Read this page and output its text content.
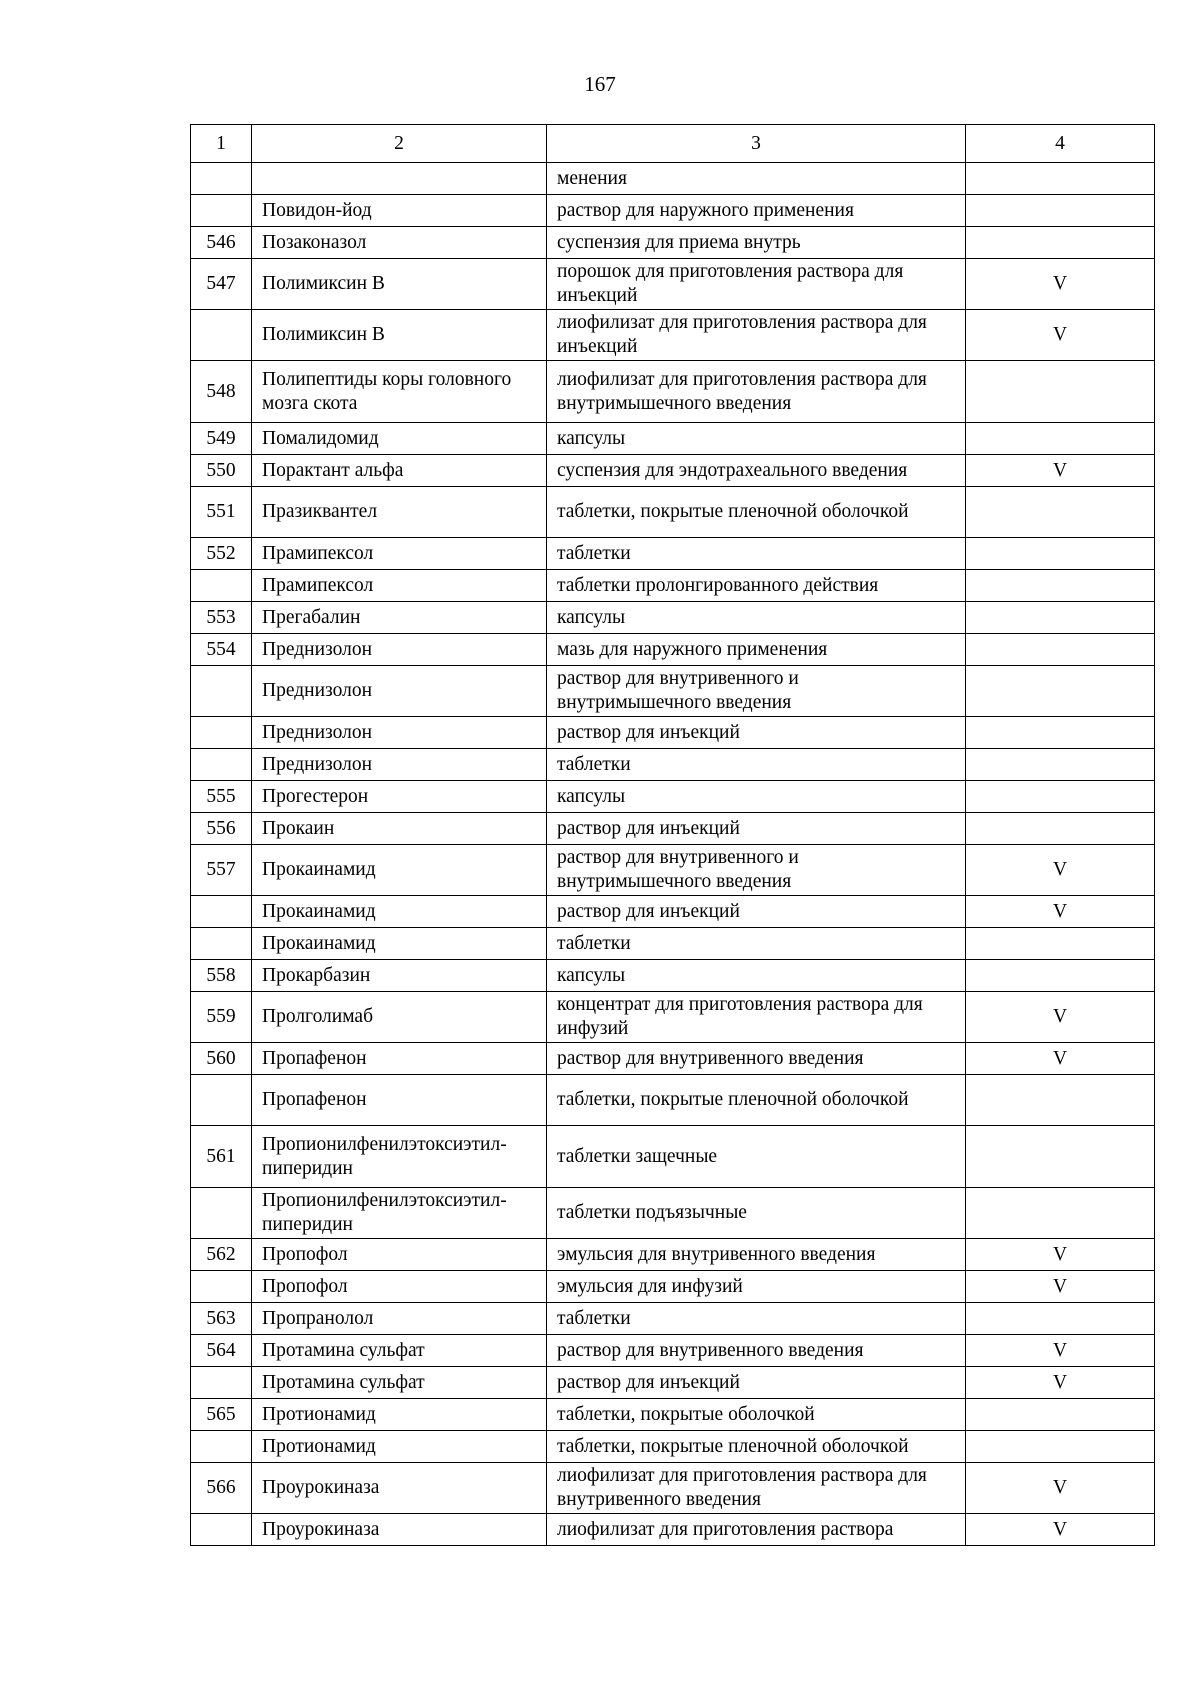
167
1	2	3	4
		менения	
	Повидон-йод	раствор для наружного применения	
546	Позаконазол	суспензия для приема внутрь	
547	Полимиксин В	порошок для приготовления раствора для инъекций	V
	Полимиксин В	лиофилизат для приготовления раствора для инъекций	V
548	Полипептиды коры головного мозга скота	лиофилизат для приготовления раствора для внутримышечного введения	
549	Помалидомид	капсулы	
550	Порактант альфа	суспензия для эндотрахеального введения	V
551	Празиквантел	таблетки, покрытые пленочной оболочкой	
552	Прамипексол	таблетки	
	Прамипексол	таблетки пролонгированного действия	
553	Прегабалин	капсулы	
554	Преднизолон	мазь для наружного применения	
	Преднизолон	раствор для внутривенного и внутримышечного введения	
	Преднизолон	раствор для инъекций	
	Преднизолон	таблетки	
555	Прогестерон	капсулы	
556	Прокаин	раствор для инъекций	
557	Прокаинамид	раствор для внутривенного и внутримышечного введения	V
	Прокаинамид	раствор для инъекций	V
	Прокаинамид	таблетки	
558	Прокарбазин	капсулы	
559	Пролголимаб	концентрат для приготовления раствора для инфузий	V
560	Пропафенон	раствор для внутривенного введения	V
	Пропафенон	таблетки, покрытые пленочной оболочкой	
561	Пропионилфенилэтоксиэтил-пиперидин	таблетки защечные	
	Пропионилфенилэтоксиэтил-пиперидин	таблетки подъязычные	
562	Пропофол	эмульсия для внутривенного введения	V
	Пропофол	эмульсия для инфузий	V
563	Пропранолол	таблетки	
564	Протамина сульфат	раствор для внутривенного введения	V
	Протамина сульфат	раствор для инъекций	V
565	Протионамид	таблетки, покрытые оболочкой	
	Протионамид	таблетки, покрытые пленочной оболочкой	
566	Проурокиназа	лиофилизат для приготовления раствора для внутривенного введения	V
	Проурокиназа	лиофилизат для приготовления раствора	V
